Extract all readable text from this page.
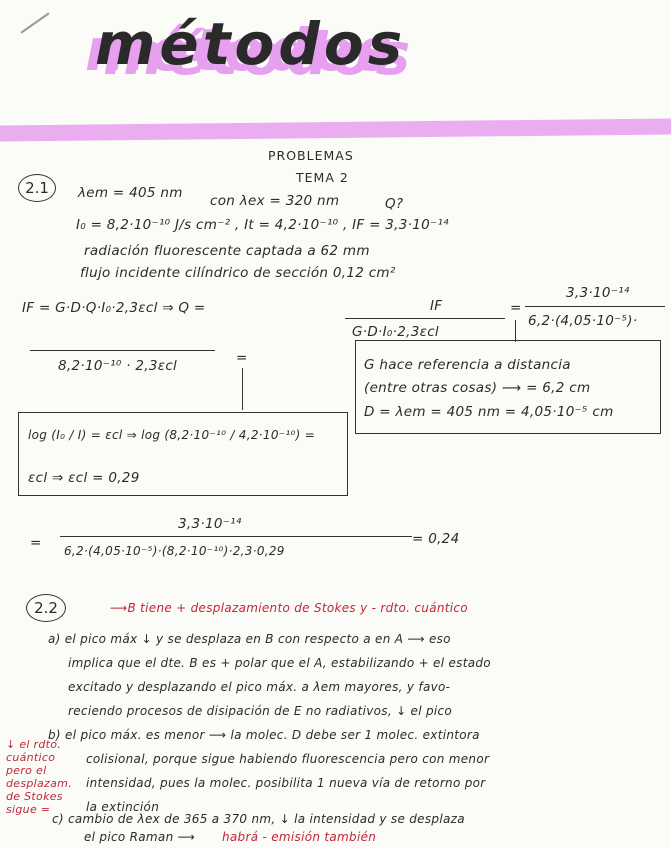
métodos
PROBLEMAS
TEMA 2
2.1	λem = 405 nm con λex = 320 nm	Q?
I₀ = 8,2·10⁻¹⁰ J/s cm⁻² , It = 4,2·10⁻¹⁰ , IF = 3,3·10⁻¹⁴
radiación fluorescente captada a 62 mm
flujo incidente cilíndrico de sección 0,12 cm²
IF = G·D·Q·I₀·2,3εcl ⇒ Q =	IF
G·D·I₀·2,3εcl
=
3,3·10⁻¹⁴
6,2·(4,05·10⁻⁵)·
8,2·10⁻¹⁰ · 2,3εcl	=
log (I₀ / I) = εcl ⇒ log (8,2·10⁻¹⁰ / 4,2·10⁻¹⁰) =
εcl ⇒ εcl = 0,29
G hace referencia a distancia
(entre otras cosas) ⟶ = 6,2 cm
D = λem = 405 nm = 4,05·10⁻⁵ cm
=
3,3·10⁻¹⁴
6,2·(4,05·10⁻⁵)·(8,2·10⁻¹⁰)·2,3·0,29
= 0,24
2.2	⟶B tiene + desplazamiento de Stokes y - rdto. cuántico
a) el pico máx ↓ y se desplaza en B con respecto a en A ⟶ eso
implica que el dte. B es + polar que el A, estabilizando + el estado
excitado y desplazando el pico máx. a λem mayores, y favo-
reciendo procesos de disipación de E no radiativos, ↓ el pico
b) el pico máx. es menor ⟶ la molec. D debe ser 1 molec. extintora
colisional, porque sigue habiendo fluorescencia pero con menor
intensidad, pues la molec. posibilita 1 nueva vía de retorno por
la extinción
↓ el rdto.
cuántico
pero el
desplazam.
de Stokes
sigue =
c) cambio de λex de 365 a 370 nm, ↓ la intensidad y se desplaza
el pico Raman ⟶ habrá - emisión también
